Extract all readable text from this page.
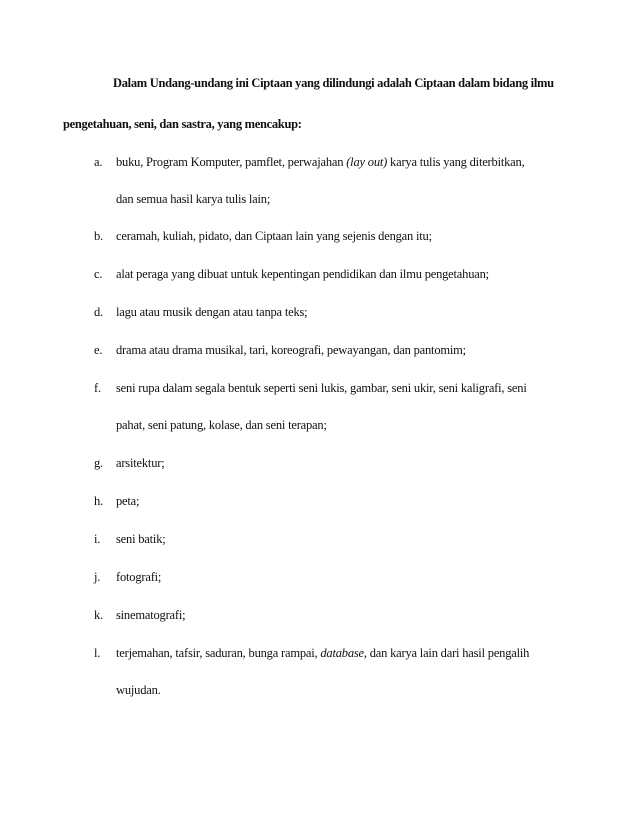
Dalam Undang-undang ini Ciptaan yang dilindungi adalah Ciptaan dalam bidang ilmu
pengetahuan, seni, dan sastra, yang mencakup:
a.	buku, Program Komputer, pamflet, perwajahan (lay out) karya tulis yang diterbitkan,
dan semua hasil karya tulis lain;
b.	ceramah, kuliah, pidato, dan Ciptaan lain yang sejenis dengan itu;
c.	alat peraga yang dibuat untuk kepentingan pendidikan dan ilmu pengetahuan;
d.	lagu atau musik dengan atau tanpa teks;
e.	drama atau drama musikal, tari, koreografi, pewayangan, dan pantomim;
f.	seni rupa dalam segala bentuk seperti seni lukis, gambar, seni ukir, seni kaligrafi, seni
pahat, seni patung, kolase, dan seni terapan;
g.	arsitektur;
h.	peta;
i.	seni batik;
j.	fotografi;
k.	sinematografi;
l.	terjemahan, tafsir, saduran, bunga rampai, database, dan karya lain dari hasil pengalih
wujudan.
